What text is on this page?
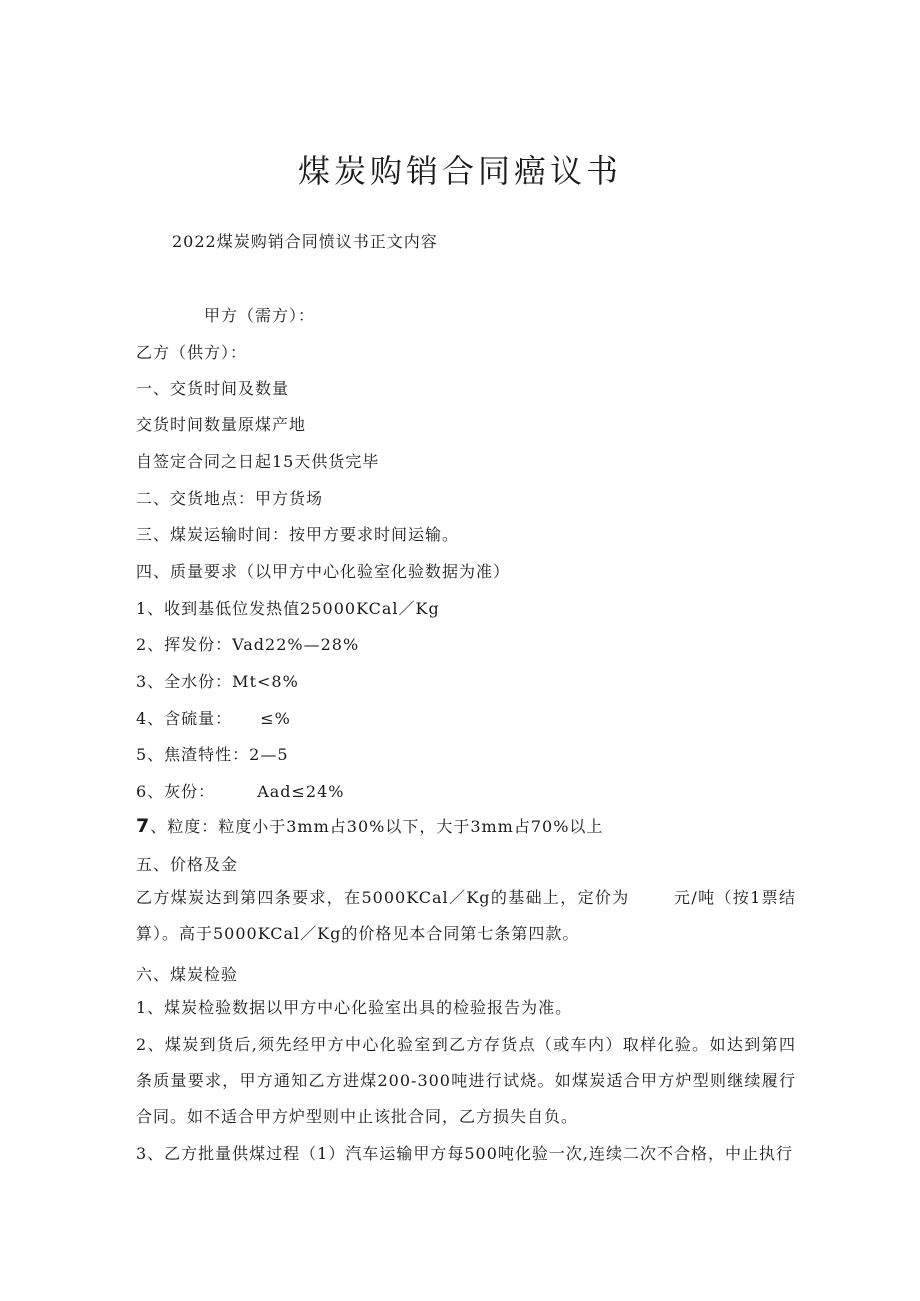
煤炭购销合同癌议书
2022煤炭购销合同愤议书正文内容
甲方（需方）：
乙方（供方）：
一、交货时间及数量
交货时间数量原煤产地
自签定合同之日起15天供货完毕
二、交货地点：甲方货场
三、煤炭运输时间：按甲方要求时间运输。
四、质量要求（以甲方中心化验室化验数据为准）
1、收到基低位发热值25000KCal／Kg
2、挥发份：Vad22%—28%
3、全水份：Mt<8%
4、含硫量： ≤%
5、焦渣特性：2—5
6、灰份：	Aad≤24%
7、粒度：粒度小于3mm占30%以下，大于3mm占70%以上
五、价格及金
乙方煤炭达到第四条要求，在5000KCal／Kg的基础上，定价为	元/吨（按1票结算）。高于5000KCal／Kg的价格见本合同第七条第四款。
六、煤炭检验
1、煤炭检验数据以甲方中心化验室出具的检验报告为准。
2、煤炭到货后,须先经甲方中心化验室到乙方存货点（或车内）取样化验。如达到第四条质量要求，甲方通知乙方进煤200-300吨进行试烧。如煤炭适合甲方炉型则继续履行合同。如不适合甲方炉型则中止该批合同，乙方损失自负。
3、乙方批量供煤过程（1）汽车运输甲方每500吨化验一次,连续二次不合格，中止执行
